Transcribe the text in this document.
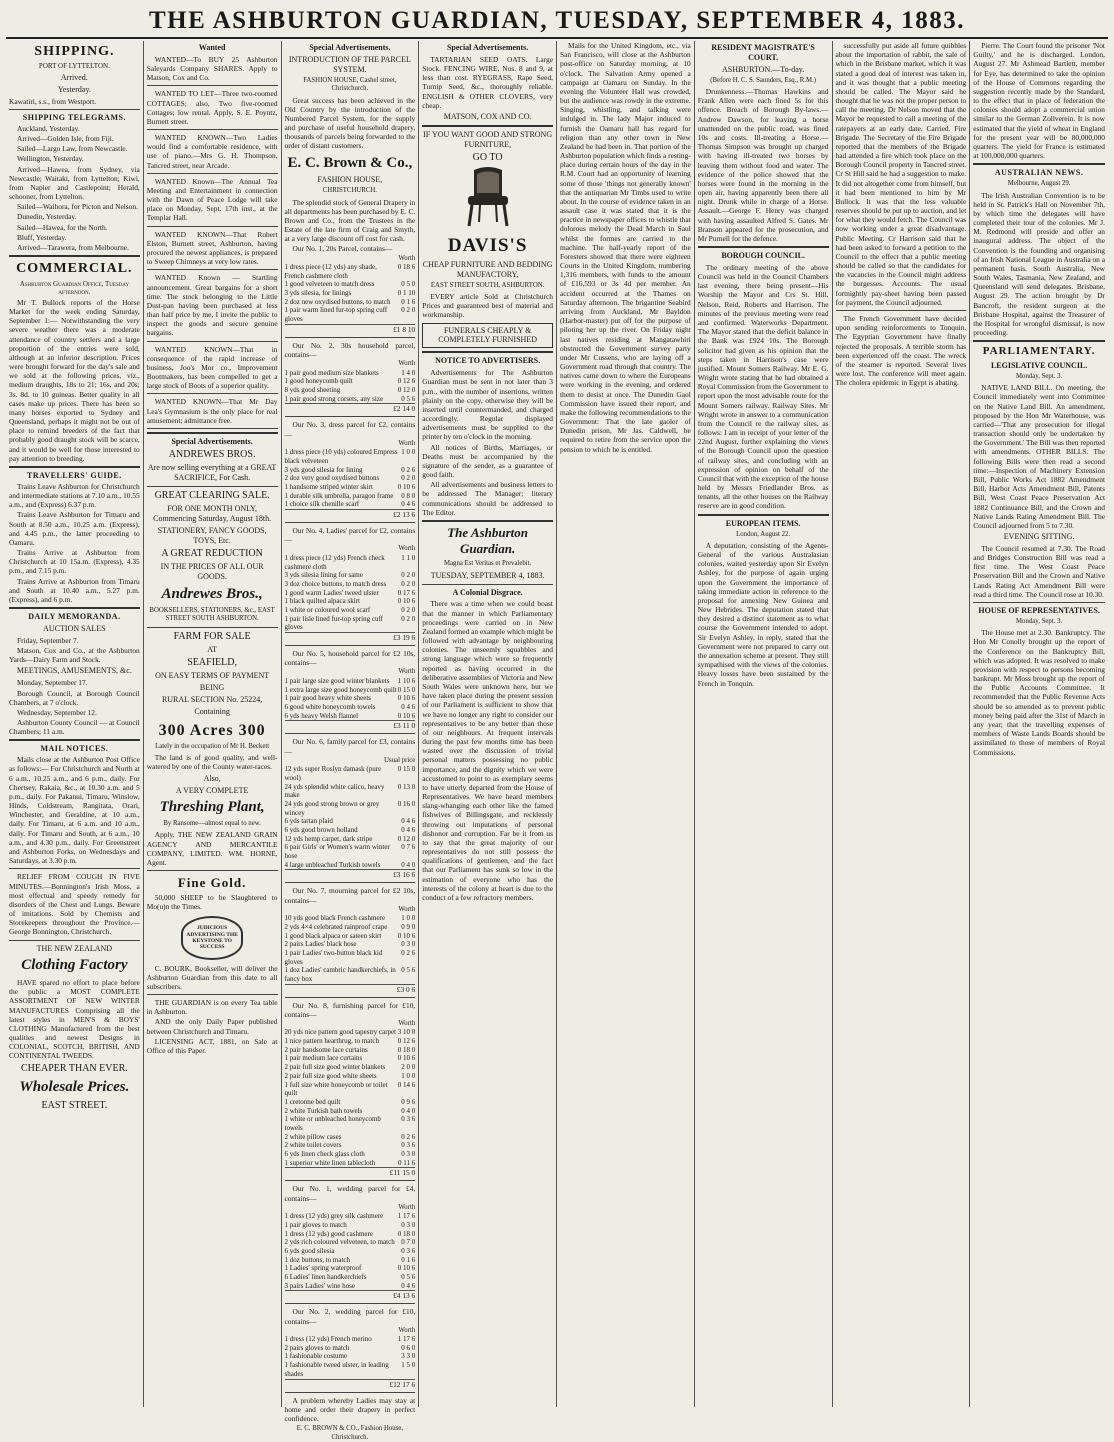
THE ASHBURTON GUARDIAN, TUESDAY, SEPTEMBER 4, 1883.
SHIPPING.
PORT OF LYTTELTON.
Arrived.
Yesterday.
Kawatiri, s.s., from Westport.
SHIPPING TELEGRAMS.
Auckland, Yesterday.
Arrived—Golden Isle, from Fiji.
Sailed—Largo Law, from Newcastle.
Wellington, Yesterday.
Arrived—Hawea, from Sydney, via Newcastle; Waitaki, from Lyttelton; Kiwi, from Napier and Castlepoint; Herald, schooner, from Lyttelton.
Sailed—Waihora, for Picton and Nelson.
Dunedin, Yesterday.
Sailed—Hawea, for the North.
Bluff, Yesterday.
Arrived—Tarawera, from Melbourne.
COMMERCIAL.
Ashburton Guardian Office, Tuesday afternoon.
Mr T. Bullock reports of the Horse Market for the week ending Saturday, September 1:— Notwithstanding the very severe weather there was a moderate attendance of country settlers and a large proportion of the entries were sold, although at an inferior description. Prices were brought forward for the day's sale and we sold at the following prices, viz., medium draughts, 18s to 21; 16s, and 20s; 3s. 8d. to 10 guineas. Better quality in all cases make up prices. There has been so many horses exported to Sydney and Queensland, perhaps it might not be out of place to remind breeders of the fact that probably good draught stock will be scarce, and it would be well for those interested to pay attention to breeding.
TRAVELLERS' GUIDE.
Trains Leave Ashburton for Christchurch and intermediate stations at 7.10 a.m., 10.55 a.m., and (Express) 6.37 p.m.
Trains Leave Ashburton for Timaru and South at 8.50 a.m., 10.25 a.m. (Express), and 4.45 p.m., the latter proceeding to Oamaru.
Trains Arrive at Ashburton from Christchurch at 10 15a.m. (Express), 4.35 p.m., and 7.15 p.m.
Trains Arrive at Ashburton from Timaru and South at 10.40 a.m., 5.27 p.m. (Express), and 6 p.m.
DAILY MEMORANDA.
AUCTION SALES
Friday, September 7.
Matson, Cox and Co., at the Ashburton Yards—Dairy Farm and Stock.
MEETINGS, AMUSEMENTS, &c.
Monday, September 17.
Borough Council, at Borough Council Chambers, at 7 o'clock.
Wednesday, September 12.
Ashburton County Council — at Council Chambers; 11 a.m.
MAIL NOTICES.
Mails close at the Ashburton Post Office as follows:— For Christchurch and North at 6 a.m., 10.25 a.m., and 6 p.m., daily. For Chertsey, Rakaia, &c., at 10.30 a.m. and 5 p.m., daily. For Pakanui, Timaru, Winslow, Hinds, Coldstream, Rangitata, Orari, Winchester, and Geraldine, at 10 a.m., daily. For Timaru, at 6 a.m. and 10 a.m., daily. For Timaru and South, at 6 a.m., 10 a.m., and 4.30 p.m., daily. For Greenstreet and Ashburton Forks, on Wednesdays and Saturdays, at 3.30 p.m.
RELIEF FROM COUGH IN FIVE MINUTES.—Bonnington's Irish Moss, a most effectual and speedy remedy for disorders of the Chest and Lungs. Beware of imitations. Sold by Chemists and Storekeepers throughout the Province.—George Bonnington, Christchurch.
THE NEW ZEALAND
Clothing Factory
HAVE spared no effort to place before the public a MOST COMPLETE ASSORTMENT OF NEW WINTER MANUFACTURES Comprising all the latest styles in MEN'S & BOYS' CLOTHING Manufactured from the best qualities and newest Designs in COLONIAL, SCOTCH, BRITISH, AND CONTINENTAL TWEEDS.
CHEAPER THAN EVER.
Wholesale Prices.
EAST STREET.
Wanted
WANTED—To BUY 25 Ashburton Saleyards Company SHARES. Apply to Matson, Cox and Co.
WANTED TO LET—Three two-roomed COTTAGES; also, Two five-roomed Cottages; low rental. Apply, S. E. Poyntz, Burnett street.
WANTED KNOWN—Two Ladies would find a comfortable residence, with use of piano.—Mrs G. H. Thompson, Tancred street, near Arcade.
WANTED Known—The Annual Tea Meeting and Entertainment in connection with the Dawn of Peace Lodge will take place on Monday, Sept. 17th inst., at the Templar Hall.
WANTED KNOWN—That Robert Elston, Burnett street, Ashburton, having procured the newest appliances, is prepared to Sweep Chimneys at very low rates.
WANTED Known — Startling announcement. Great bargains for a short time. The stock belonging to the Little Dust-pan having been purchased at less than half price by me, I invite the public to inspect the goods and secure genuine bargains.
WANTED KNOWN—That in consequence of the rapid increase of business, Joo's Mor co., Improvement Bootmakers, has been compelled to get a large stock of Boots of a superior quality.
WANTED KNOWN—That Mr Day Lea's Gymnasium is the only place for real amusement; admittance free.
Special Advertisements.
ANDREWES BROS.
Are now selling everything at a GREAT SACRIFICE, For Cash.
GREAT CLEARING SALE.
FOR ONE MONTH ONLY, Commencing Saturday, August 18th.
STATIONERY, FANCY GOODS, TOYS, Etc.
A GREAT REDUCTION
IN THE PRICES OF ALL OUR GOODS.
Andrewes Bros.,
BOOKSELLERS, STATIONERS, &c., EAST STREET SOUTH ASHBURTON.
FARM FOR SALE
AT
SEAFIELD,
ON EASY TERMS OF PAYMENT
BEING
RURAL SECTION No. 25224,
Containing
300 Acres 300
Lately in the occupation of Mr H. Beckett
The land is of good quality, and well-watered by one of the County water-races.
Also,
A VERY COMPLETE
Threshing Plant,
By Ransome—almost equal to new.
Apply, THE NEW ZEALAND GRAIN AGENCY AND MERCANTILE COMPANY, LIMITED. WM. HORNE, Agent.
Fine Gold.
50,000 SHEEP to be Slaughtered to Mo(u)n the Times.
JUDICIOUS ADVERTISING THE KEYSTONE TO SUCCESS
C. BOURK, Bookseller, will deliver the Ashburton Guardian from this date to all subscribers.
THE GUARDIAN is on every Tea table in Ashburton.
AND the only Daily Paper published between Christchurch and Timaru.
LICENSING ACT, 1881, on Sale at Office of this Paper.
Special Advertisements.
INTRODUCTION OF THE PARCEL SYSTEM.
FASHION HOUSE, Cashel street, Christchurch.
Great success has been achieved in the Old Country by the introduction of the Numbered Parcel System, for the supply and purchase of useful household drapery, thousands of parcels being forwarded to the order of distant customers.
E. C. Brown & Co.,
FASHION HOUSE,
CHRISTCHURCH.
The splendid stock of General Drapery in all departments has been purchased by E. C. Brown and Co., from the Trustees in the Estate of the late firm of Craig and Smyth, at a very large discount off cost for cash.
Our No. 1, 20s Parcel, contains—
Worth
1 dress piece (12 yds) any shade, French cashmere cloth	0 18 6
1 good velveteen to match dress	0 5 0
3 yds silesia, for linings	0 1 10
2 doz new oxydised buttons, to match	0 1 6
1 pair warm lined fur-top spring cuff gloves	0 2 0
£1 8 10
Our No. 2, 30s household parcel, contains—
Worth
1 pair good medium size blankets	1 4 0
1 good honeycomb quilt	0 12 6
8 yds good sheeting	0 12 0
1 pair good strong corsets, any size	0 5 6
£2 14 0
Our No. 3, dress parcel for £2, contains—
Worth
1 dress piece (10 yds) coloured Empress black velveteen	1 0 0
3 yds good silesia for lining	0 2 6
2 doz very good oxydised buttons	0 2 0
1 handsome striped winter skirt	0 10 6
1 durable silk umbrella, paragon frame	0 8 0
1 choice silk chenille scarf	0 4 6
£2 13 6
Our No. 4, Ladies' parcel for £2, contains—
Worth
1 dress piece (12 yds) French check cashmere cloth	1 1 0
3 yds silesia lining for same	0 2 0
3 doz choice buttons, to match dress	0 2 0
1 good warm Ladies' tweed ulster	0 17 6
1 black quilted alpaca skirt	0 10 6
1 white or coloured wool scarf	0 2 0
1 pair lisle lined fur-top spring cuff gloves	0 2 0
£3 19 6
Our No. 5, household parcel for £2 10s, contains—
Worth
1 pair large size good winter blankets	1 10 6
1 extra large size good honeycomb quilt	0 15 0
1 pair good heavy white sheets	0 10 6
6 good white honeycomb towels	0 4 6
6 yds heavy Welsh flannel	0 10 6
£3 11 0
Our No. 6, family parcel for £3, contains—
Usual price
12 yds super Roslyn damask (pure wool)	0 15 0
24 yds splendid white calico, heavy make	0 13 0
24 yds good strong brown or grey wincey	0 16 0
6 yds tartan plaid	0 4 6
6 yds good brown holland	0 4 6
12 yds hemp carpet, dark stripe	0 12 0
6 pair Girls' or Women's warm winter hose	0 7 6
4 large unbleached Turkish towels	0 4 0
£3 16 6
Our No. 7, mourning parcel for £2 10s, contains—
Worth
10 yds good black French cashmere	1 0 0
2 yds 4×4 celebrated rainproof crape	0 9 0
1 good black alpaca or sateen skirt	0 10 6
2 pairs Ladies' black hose	0 3 0
1 pair Ladies' two-button black kid gloves	0 2 6
1 doz Ladies' cambric handkerchiefs, in fancy box	0 5 6
£3 0 6
Our No. 8, furnishing parcel for £10, contains—
Worth
20 yds nice pattern good tapestry carpet	3 10 0
1 nice pattern hearthrug, to match	0 12 6
2 pair handsome lace curtains	0 18 0
1 pair medium lace curtains	0 10 6
2 pair full size good winter blankets	2 0 0
2 pair full size good white sheets	1 0 0
1 full size white honeycomb or toilet quilt	0 14 6
1 cretonne bed quilt	0 9 6
2 white Turkish bath towels	0 4 0
1 white or unbleached honeycomb towels	0 3 6
2 white pillow cases	0 2 6
2 white toilet covers	0 3 6
6 yds linen check glass cloth	0 3 0
1 superior white linen tablecloth	0 11 6
£11 15 0
Our No. 1, wedding parcel for £4, contains—
Worth
1 dress (12 yds) grey silk cashmere	1 17 6
1 pair gloves to match	0 3 0
1 dress (12 yds) good cashmere	0 18 0
2 yds rich coloured velveteen, to match	0 7 0
6 yds good silesia	0 3 6
1 doz buttons, to match	0 1 6
1 Ladies' spring waterproof	0 10 6
6 Ladies' linen handkerchiefs	0 5 6
3 pairs Ladies' wine hose	0 4 6
£4 13 6
Our No. 2, wedding parcel for £10, contains—
Worth
1 dress (12 yds) French merino	1 17 6
2 pairs gloves to match	0 6 0
1 fashionable costume	3 3 0
1 fashionable tweed ulster, in leading shades	1 5 0
£12 17 6
A problem whereby Ladies may stay at home and order their drapery in perfect confidence.
E. C. BROWN & CO., Fashion House, Christchurch.
Special Advertisements.
TARTARIAN SEED OATS. Large Stock. FENCING WIRE, Nos. 8 and 9, at less than cost. RYEGRASS, Rape Seed, Turnip Seed, &c., thoroughly reliable. ENGLISH & OTHER CLOVERS, very cheap.
MATSON, COX AND CO.
IF YOU WANT GOOD AND STRONG FURNITURE,
GO TO
DAVIS'S
CHEAP FURNITURE AND BEDDING MANUFACTORY,
EAST STREET SOUTH, ASHBURTON.
EVERY article Sold at Christchurch Prices and guaranteed best of material and workmanship.
FUNERALS CHEAPLY & COMPLETELY FURNISHED
NOTICE TO ADVERTISERS.
Advertisements for The Ashburton Guardian must be sent in not later than 3 p.m., with the number of insertions, written plainly on the copy, otherwise they will be inserted until countermanded, and charged accordingly. Regular displayed advertisements must be supplied to the printer by ten o'clock in the morning.
All notices of Births, Marriages, or Deaths must be accompanied by the signature of the sender, as a guarantee of good faith.
All advertisements and business letters to be addressed The Manager; literary communications should be addressed to The Editor.
The Ashburton Guardian.
Magna Est Veritas et Prevalebit.
TUESDAY, SEPTEMBER 4, 1883.
A Colonial Disgrace.
There was a time when we could boast that the manner in which Parliamentary proceedings were carried on in New Zealand formed an example which might be followed with advantage by neighbouring colonies. The unseemly squabbles and strong language which were so frequently reported as having occurred in the deliberative assemblies of Victoria and New South Wales were unknown here, but we have taken place during the present session of our Parliament is sufficient to show that we have no longer any right to consider our representatives to be any better than those of our neighbours. At frequent intervals during the past few months time has been wasted over the discussion of trivial personal matters possessing no public importance, and the dignity which we were accustomed to point to as exemplary seems to have utterly departed from the House of Representatives. We have heard members slang-whanging each other like the famed fishwives of Billingsgate, and recklessly throwing out imputations of personal dishonor and corruption. Far be it from us to say that the great majority of our representatives do not still possess the qualifications of gentlemen, and the fact that our Parliament has sunk so low in the estimation of everyone who has the interests of the colony at heart is due to the conduct of a few refractory members.
Mails for the United Kingdom, etc., via San Francisco, will close at the Ashburton post-office on Saturday morning, at 10 o'clock. The Salvation Army opened a campaign at Oamaru on Sunday. In the evening the Volunteer Hall was crowded, but the audience was rowdy in the extreme. Singing, whistling, and talking were indulged in. The lady Major induced to furnish the Oamaru hall has regard for religion than any other town in New Zealand he had been in. That portion of the Ashburton population which finds a resting-place during certain hours of the day in the R.M. Court had an opportunity of learning some of those 'things not generally known' that the antiquarian Mr Timbs used to write about. In the course of evidence taken in an assault case it was stated that it is the practice in newspaper offices to whistle that dolorous melody the Dead March in Saul whilst the formes are carried to the machine. The half-yearly report of the Foresters showed that there were eighteen Courts in the United Kingdom, numbering 1,316 members, with funds to the amount of £16,593 or 3s 4d per member. An accident occurred at the Thames on Saturday afternoon. The brigantine Seabird arriving from Auckland, Mr Bayldon (Harbor-master) put off for the purpose of piloting her up the river. On Friday night last natives residing at Mangatawhiri obstructed the Government survey party under Mr Cussens, who are laying off a Government road through that country. The natives came down to where the Europeans were working in the evening, and ordered them to desist at once. The Dunedin Gaol Commission have issued their report, and make the following recommendations to the Government: That the late gaoler of Dunedin prison, Mr Jas. Caldwell, be required to retire from the service upon the pension to which he is entitled.
RESIDENT MAGISTRATE'S COURT.
ASHBURTON.—To-day.
(Before H. C. S. Saunders, Esq., R.M.)
Drunkenness.—Thomas Hawkins and Frank Allen were each fined 5s for this offence. Breach of Borough By-laws.—Andrew Dawson, for leaving a horse unattended on the public road, was fined 10s and costs. Ill-treating a Horse.—Thomas Simpson was brought up charged with having ill-treated two horses by leaving them without food and water. The evidence of the police showed that the horses were found in the morning in the open air, having apparently been there all night. Drunk while in charge of a Horse. Assault.—George F. Henry was charged with having assaulted Alfred S. Gates. Mr Branson appeared for the prosecution, and Mr Purnell for the defence.
BOROUGH COUNCIL.
The ordinary meeting of the above Council was held in the Council Chambers last evening, there being present—His Worship the Mayor and Crs St. Hill, Nelson, Reid, Roberts and Harrison. The minutes of the previous meeting were read and confirmed. Waterworks Department. The Mayor stated that the deficit balance in the Bank was £924 10s. The Borough solicitor had given as his opinion that the steps taken in Harrison's case were justified. Mount Somers Railway. Mr E. G. Wright wrote stating that he had obtained a Royal Commission from the Government to report upon the most advisable route for the Mount Somers railway. Railway Sites. Mr Wright wrote in answer to a communication from the Council re the railway sites, as follows: I am in receipt of your letter of the 22nd August, further explaining the views of the Borough Council upon the question of railway sites, and concluding with an expression of opinion on behalf of the Council that with the exception of the house held by Messrs Friedlander Bros. as tenants, all the other houses on the Railway reserve are in good condition.
EUROPEAN ITEMS.
London, August 22.
A deputation, consisting of the Agents-General of the various Australasian colonies, waited yesterday upon Sir Evelyn Ashley, for the purpose of again urging upon the Government the importance of taking immediate action in reference to the proposal for annexing New Guinea and New Hebrides. The deputation stated that they desired a distinct statement as to what course the Government intended to adopt. Sir Evelyn Ashley, in reply, stated that the Government were not prepared to carry out the annexation scheme at present. They still sympathised with the views of the colonies. Heavy losses have been sustained by the French in Tonquin.
successfully put aside all future quibbles about the importation of rabbit, the sale of which in the Brisbane market, which it was stated a good deal of interest was taken in, and it was thought that a public meeting should be called. The Mayor said he thought that he was not the proper person to call the meeting. Dr Nelson moved that the Mayor be requested to call a meeting of the ratepayers at an early date. Carried. Fire Brigade. The Secretary of the Fire Brigade reported that the members of the Brigade had attended a fire which took place on the Borough Council property in Tancred street. Cr St Hill said he had a suggestion to make. It did not altogether come from himself, but it had been mentioned to him by Mr Bullock. It was that the less valuable reserves should be put up to auction, and let for what they would fetch. The Council was now working under a great disadvantage. Public Meeting. Cr Harrison said that he had been asked to forward a petition to the Council to the effect that a public meeting should be called so that the candidates for the vacancies in the Council might address the burgesses. Accounts. The usual fortnightly pay-sheet having been passed for payment, the Council adjourned.
The French Government have decided upon sending reinforcements to Tonquin. The Egyptian Government have finally rejected the proposals. A terrible storm has been experienced off the coast. The wreck of the steamer is reported. Several lives were lost. The conference will meet again. The cholera epidemic in Egypt is abating.
Pierre. The Court found the prisoner 'Not Guilty,' and he is discharged. London, August 27. Mr Ashmead Bartlett, member for Eye, has determined to take the opinion of the House of Commons regarding the suggestion recently made by the Standard, to the effect that in place of federation the colonies should adopt a commercial union similar to the German Zollverein. It is now estimated that the yield of wheat in England for the present year will be 80,000,000 quarters. The yield for France is estimated at 100,000,000 quarters.
AUSTRALIAN NEWS.
Melbourne, August 29.
The Irish Australian Convention is to be held in St. Patrick's Hall on November 7th, by which time the delegates will have completed their tour of the colonies. Mr J. M. Redmond will preside and offer an inaugural address. The object of the Convention is the founding and organising of an Irish National League in Australia on a permanent basis. South Australia, New South Wales, Tasmania, New Zealand, and Queensland will send delegates. Brisbane, August 29. The action brought by Dr Bancroft, the resident surgeon at the Brisbane Hospital, against the Treasurer of the Hospital for wrongful dismissal, is now proceeding.
PARLIAMENTARY.
LEGISLATIVE COUNCIL.
Monday, Sept. 3.
NATIVE LAND BILL. On meeting, the Council immediately went into Committee on the Native Land Bill. An amendment, proposed by the Hon Mr Waterhouse, was carried—'That any prosecution for illegal transaction should only be undertaken by the Government.' The Bill was then reported with amendments. OTHER BILLS. The following Bills were then read a second time:—Inspection of Machinery Extension Bill, Public Works Act 1882 Amendment Bill, Harbor Acts Amendment Bill, Patents Bill, West Coast Peace Preservation Act 1882 Continuance Bill, and the Crown and Native Lands Rating Amendment Bill. The Council adjourned from 5 to 7.30.
EVENING SITTING.
The Council resumed at 7.30. The Road and Bridges Construction Bill was read a first time. The West Coast Peace Preservation Bill and the Crown and Native Lands Rating Act Amendment Bill were read a third time. The Council rose at 10.30.
HOUSE OF REPRESENTATIVES.
Monday, Sept. 3.
The House met at 2.30. Bankruptcy. The Hon Mr Conolly brought up the report of the Conference on the Bankruptcy Bill, which was adopted. It was resolved to make provision with respect to persons becoming bankrupt. Mr Moss brought up the report of the Public Accounts Committee. It recommended that the Public Revenue Acts should be so amended as to prevent public money being paid after the 31st of March in any year; that the travelling expenses of members of Waste Lands Boards should be assimilated to those of members of Royal Commissions.
